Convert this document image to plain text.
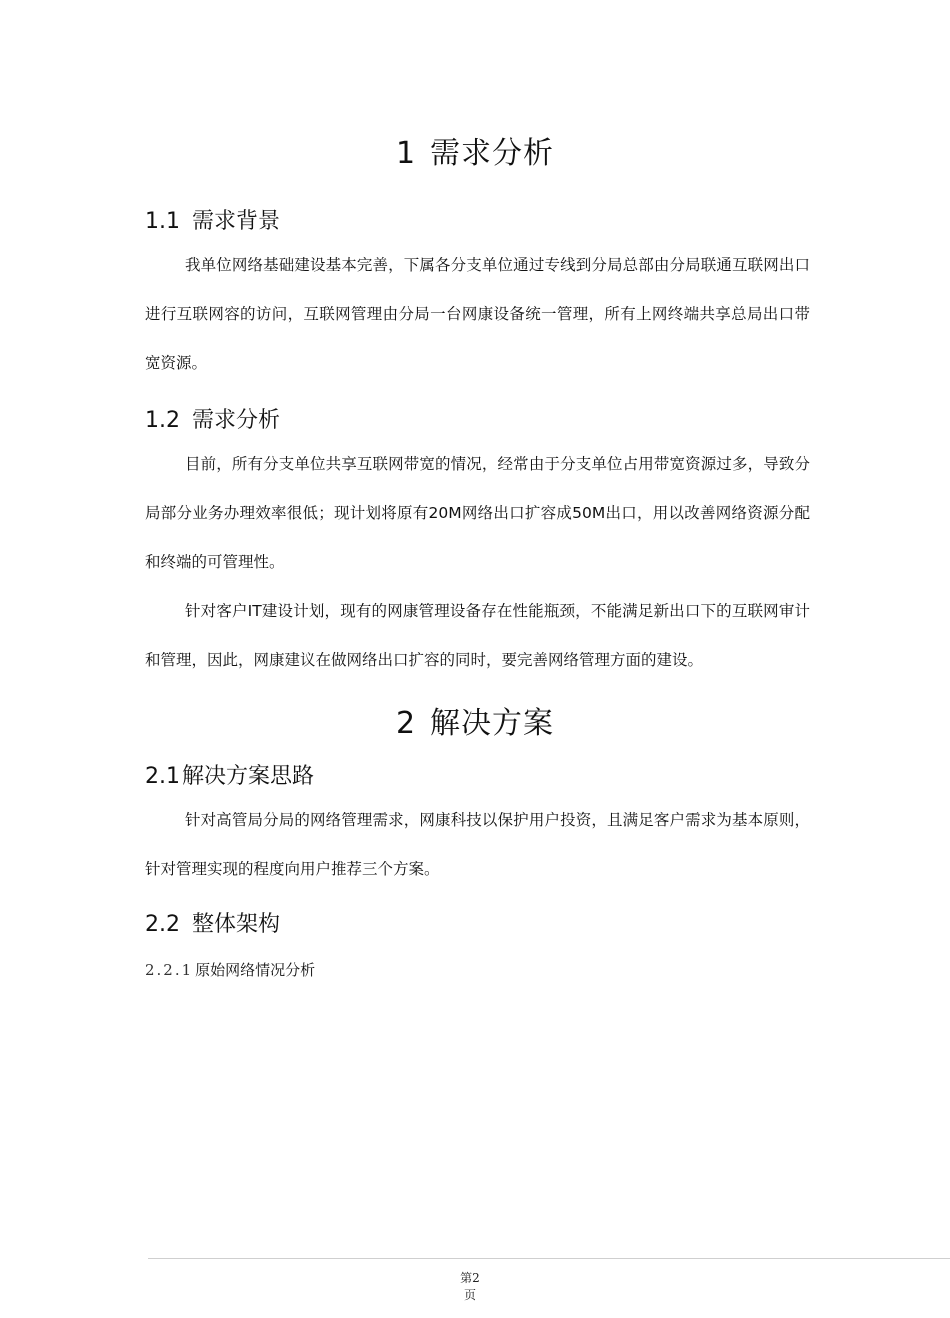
1 需求分析
1.1 需求背景

我单位网络基础建设基本完善，下属各分支单位通过专线到分局总部由分局联通互联网出口进行互联网容的访问，互联网管理由分局一台网康设备统一管理，所有上网终端共享总局出口带宽资源。

1.2 需求分析

目前，所有分支单位共享互联网带宽的情况，经常由于分支单位占用带宽资源过多，导致分局部分业务办理效率很低；现计划将原有20M网络出口扩容成50M出口，用以改善网络资源分配和终端的可管理性。

针对客户IT建设计划，现有的网康管理设备存在性能瓶颈，不能满足新出口下的互联网审计和管理，因此，网康建议在做网络出口扩容的同时，要完善网络管理方面的建设。

2 解决方案
2.1解决方案思路

针对高管局分局的网络管理需求，网康科技以保护用户投资，且满足客户需求为基本原则，针对管理实现的程度向用户推荐三个方案。

2.2 整体架构

2.2.1 原始网络情况分析

第2
页
